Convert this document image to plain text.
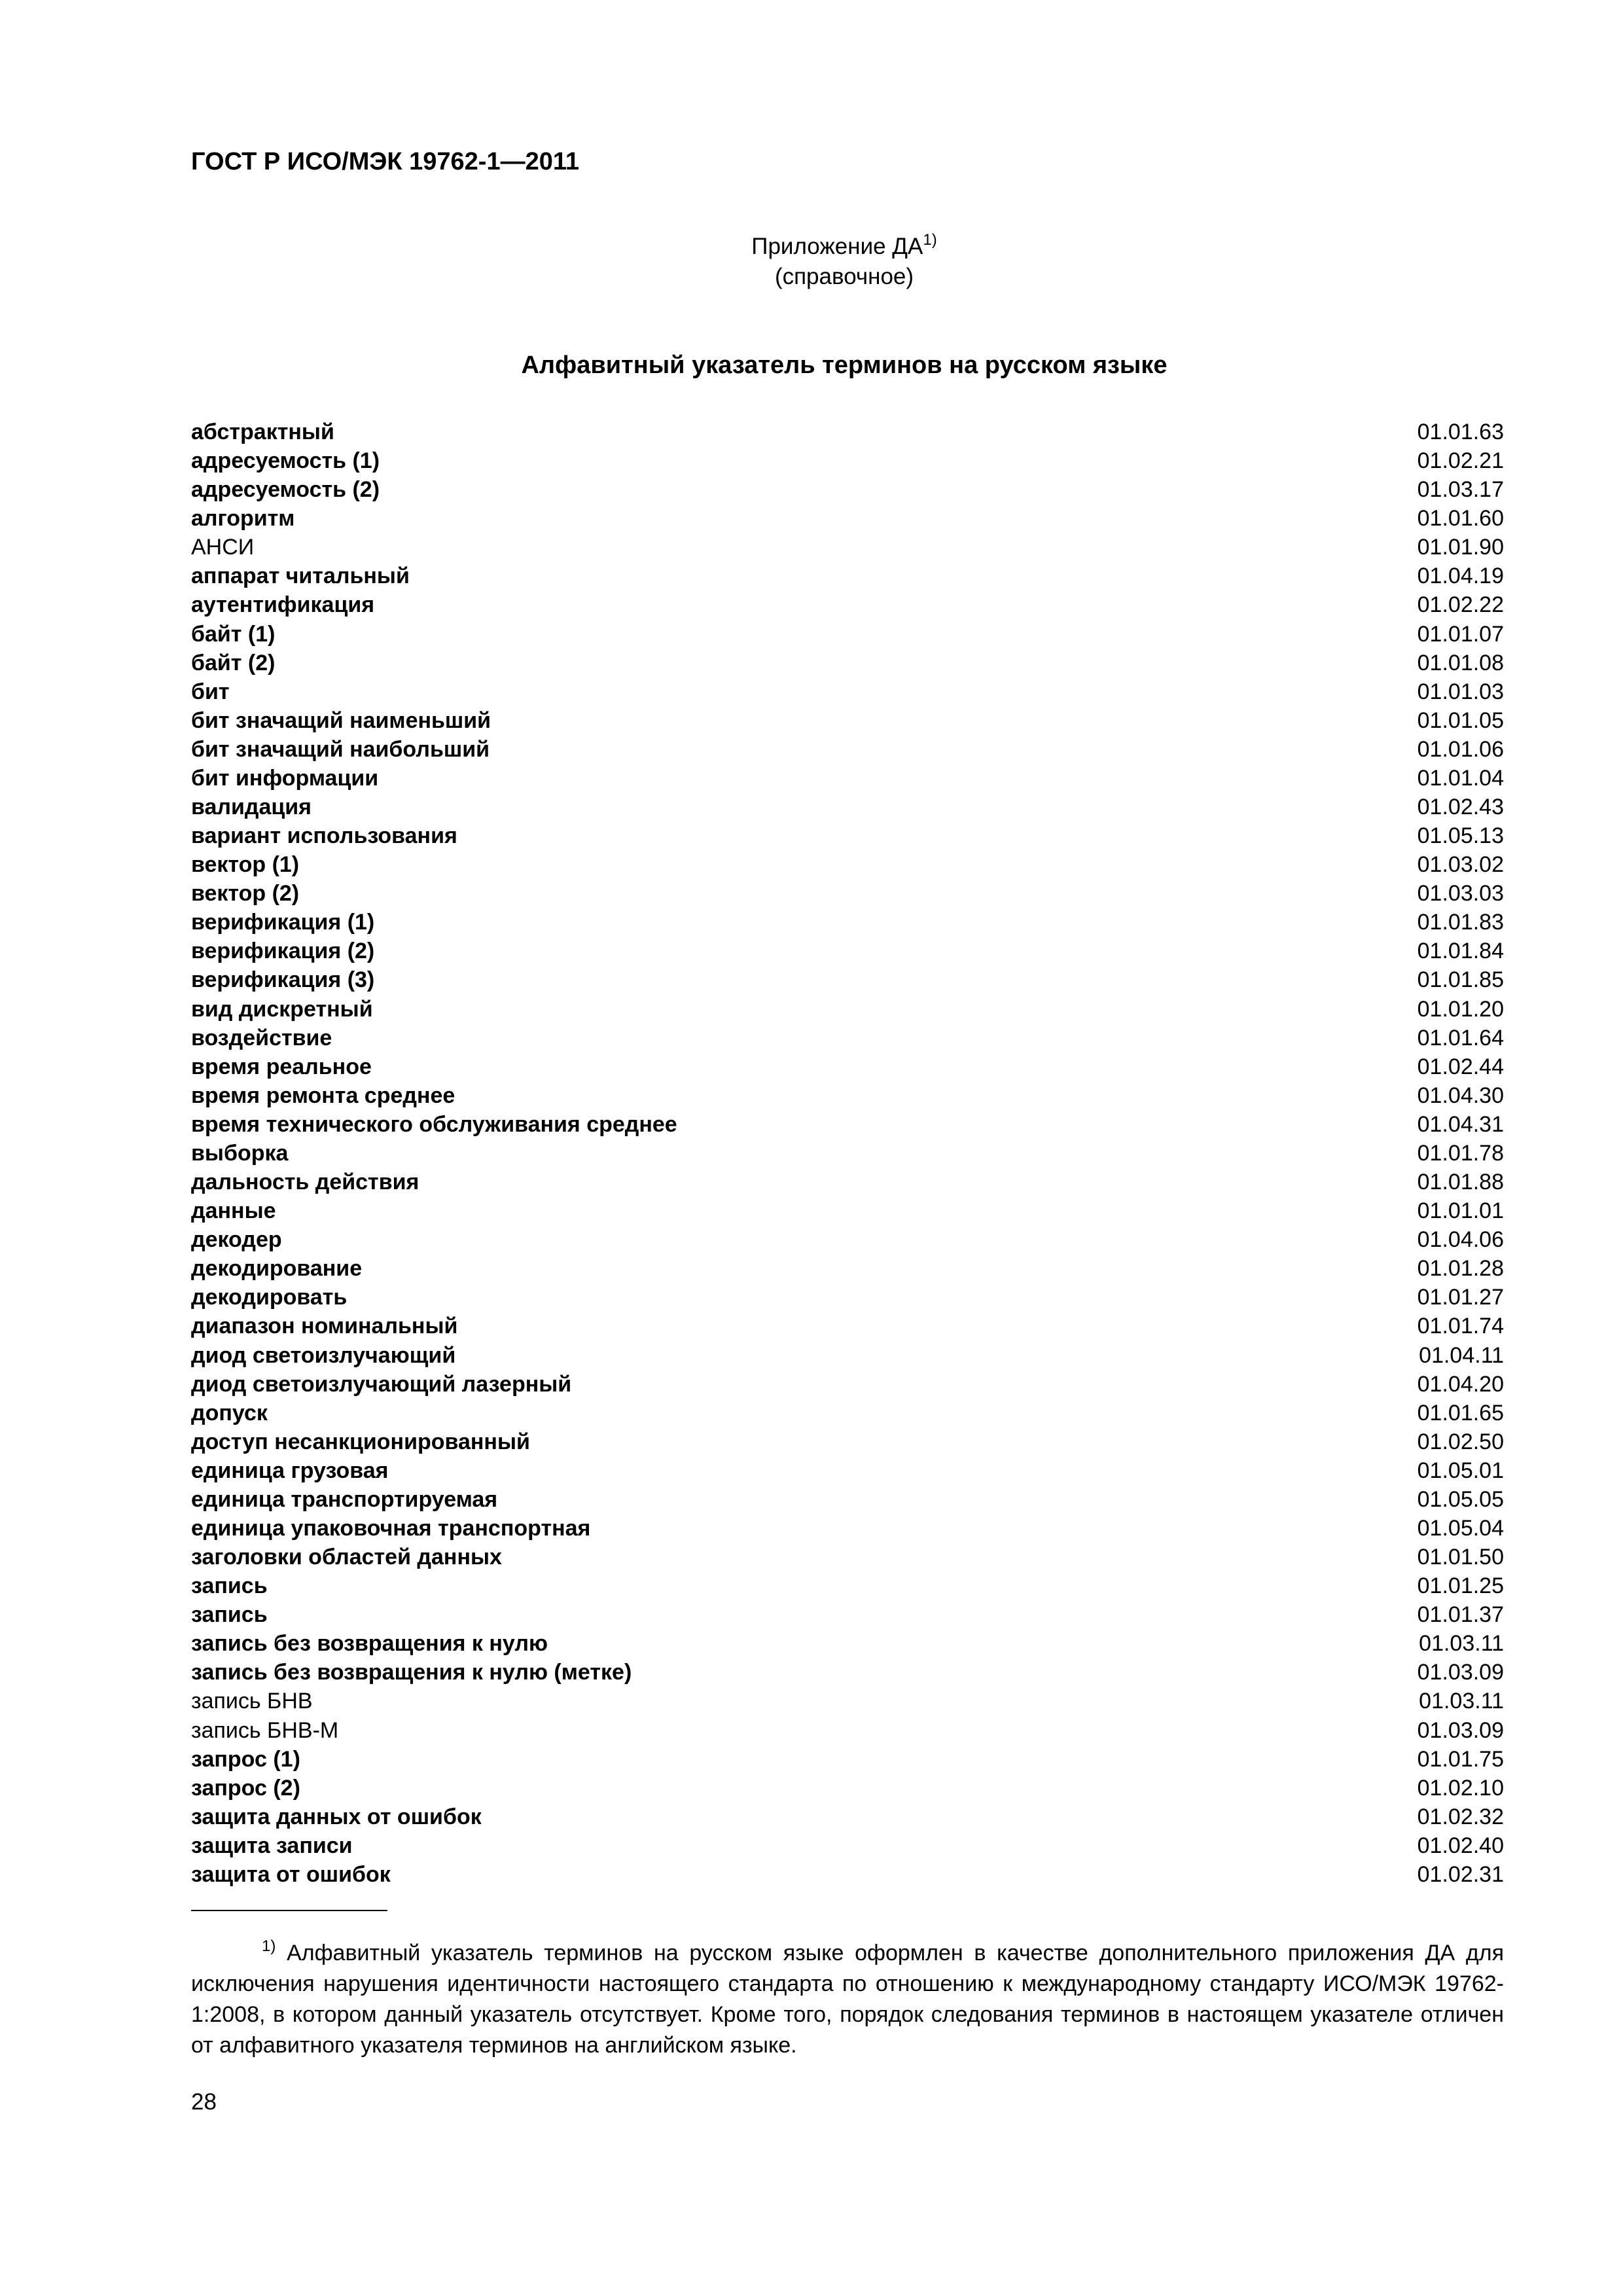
ГОСТ Р ИСО/МЭК 19762-1—2011
Приложение ДА$^{1)}$
(справочное)
Алфавитный указатель терминов на русском языке
абстрактный	01.01.63
адресуемость (1)	01.02.21
адресуемость (2)	01.03.17
алгоритм	01.01.60
АНСИ	01.01.90
аппарат читальный	01.04.19
аутентификация	01.02.22
байт (1)	01.01.07
байт (2)	01.01.08
бит	01.01.03
бит значащий наименьший	01.01.05
бит значащий наибольший	01.01.06
бит информации	01.01.04
валидация	01.02.43
вариант использования	01.05.13
вектор (1)	01.03.02
вектор (2)	01.03.03
верификация (1)	01.01.83
верификация (2)	01.01.84
верификация (3)	01.01.85
вид дискретный	01.01.20
воздействие	01.01.64
время реальное	01.02.44
время ремонта среднее	01.04.30
время технического обслуживания среднее	01.04.31
выборка	01.01.78
дальность действия	01.01.88
данные	01.01.01
декодер	01.04.06
декодирование	01.01.28
декодировать	01.01.27
диапазон номинальный	01.01.74
диод светоизлучающий	01.04.11
диод светоизлучающий лазерный	01.04.20
допуск	01.01.65
доступ несанкционированный	01.02.50
единица грузовая	01.05.01
единица транспортируемая	01.05.05
единица упаковочная транспортная	01.05.04
заголовки областей данных	01.01.50
запись	01.01.25
запись	01.01.37
запись без возвращения к нулю	01.03.11
запись без возвращения к нулю (метке)	01.03.09
запись БНВ	01.03.11
запись БНВ-М	01.03.09
запрос (1)	01.01.75
запрос (2)	01.02.10
защита данных от ошибок	01.02.32
защита записи	01.02.40
защита от ошибок	01.02.31
$^{1)}$ Алфавитный указатель терминов на русском языке оформлен в качестве дополнительного приложения ДА для исключения нарушения идентичности настоящего стандарта по отношению к международному стандарту ИСО/МЭК 19762-1:2008, в котором данный указатель отсутствует. Кроме того, порядок следования терминов в настоящем указателе отличен от алфавитного указателя терминов на английском языке.
28
